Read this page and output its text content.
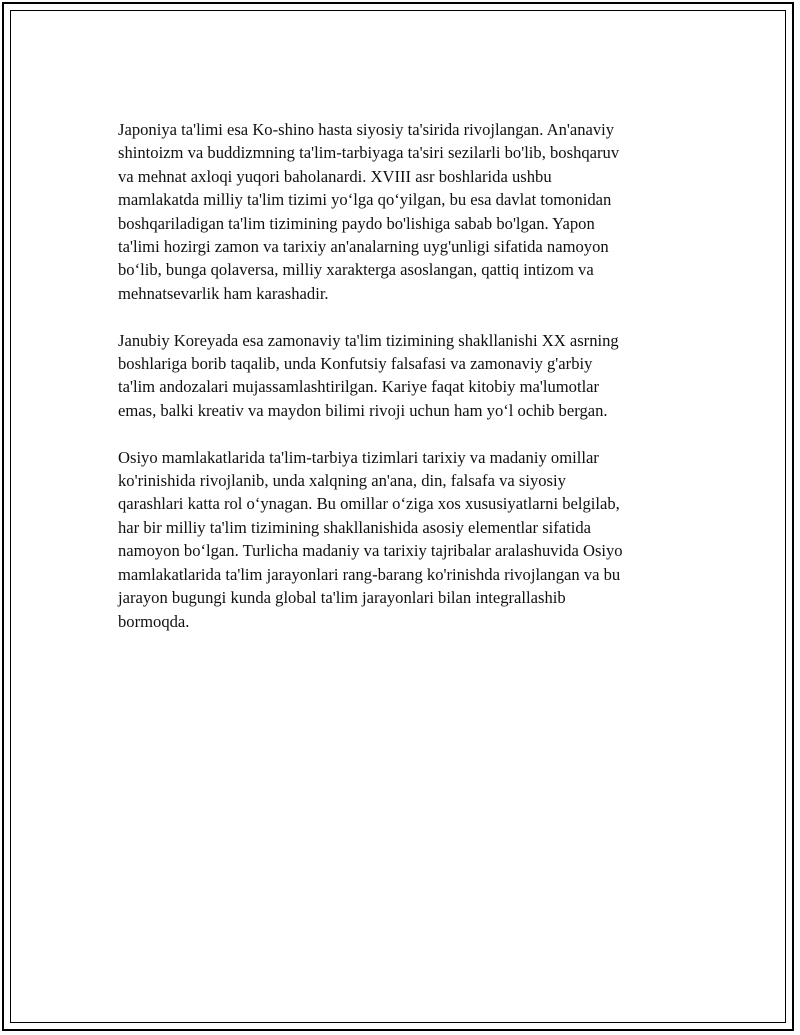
Japoniya ta'limi esa Ko-shino hasta siyosiy ta'sirida rivojlangan. An'anaviy
shintoizm va buddizmning ta'lim-tarbiyaga ta'siri sezilarli bo'lib, boshqaruv
va mehnat axloqi yuqori baholanardi. XVIII asr boshlarida ushbu
mamlakatda milliy ta'lim tizimi yo‘lga qo‘yilgan, bu esa davlat tomonidan
boshqariladigan ta'lim tizimining paydo bo'lishiga sabab bo'lgan. Yapon
ta'limi hozirgi zamon va tarixiy an'analarning uyg'unligi sifatida namoyon
bo‘lib, bunga qolaversa, milliy xarakterga asoslangan, qattiq intizom va
mehnatsevarlik ham karashadir.

Janubiy Koreyada esa zamonaviy ta'lim tizimining shakllanishi XX asrning
boshlariga borib taqalib, unda Konfutsiy falsafasi va zamonaviy g'arbiy
ta'lim andozalari mujassamlashtirilgan. Kariye faqat kitobiy ma'lumotlar
emas, balki kreativ va maydon bilimi rivoji uchun ham yo‘l ochib bergan.

Osiyo mamlakatlarida ta'lim-tarbiya tizimlari tarixiy va madaniy omillar
ko'rinishida rivojlanib, unda xalqning an'ana, din, falsafa va siyosiy
qarashlari katta rol o‘ynagan. Bu omillar o‘ziga xos xususiyatlarni belgilab,
har bir milliy ta'lim tizimining shakllanishida asosiy elementlar sifatida
namoyon bo‘lgan. Turlicha madaniy va tarixiy tajribalar aralashuvida Osiyo
mamlakatlarida ta'lim jarayonlari rang-barang ko'rinishda rivojlangan va bu
jarayon bugungi kunda global ta'lim jarayonlari bilan integrallashib
bormoqda.
